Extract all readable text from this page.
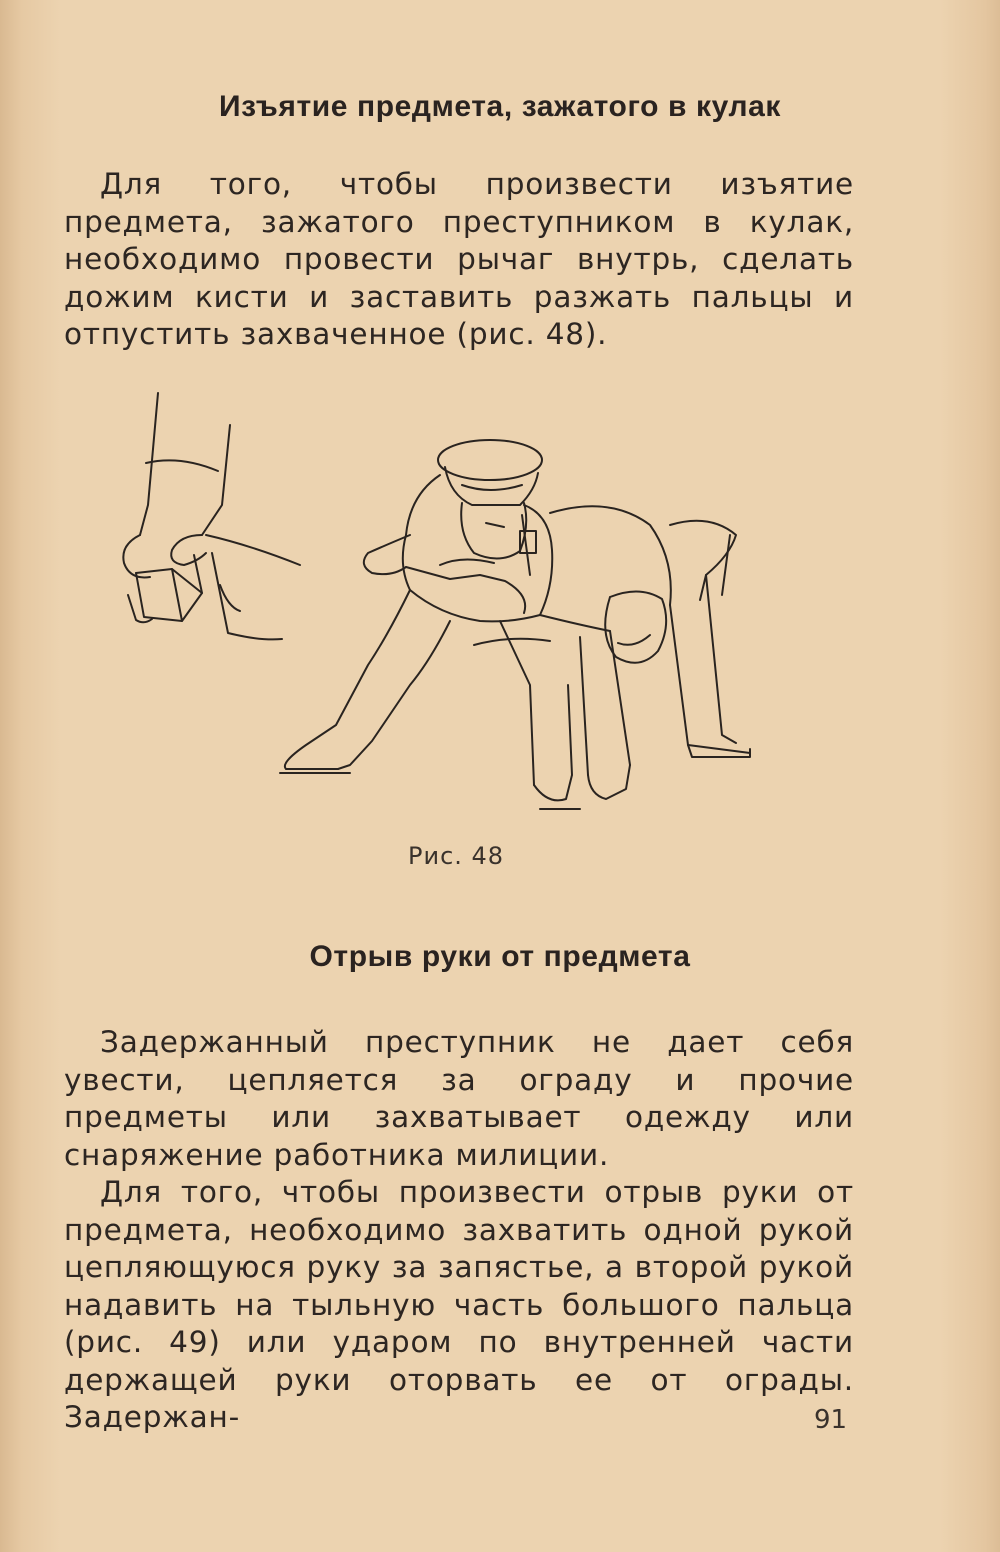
Изъятие предмета, зажатого в кулак

Для того, чтобы произвести изъятие предмета, зажатого преступником в кулак, необходимо провести рычаг внутрь, сделать дожим кисти и заставить разжать пальцы и отпустить захваченное (рис. 48).

Рис. 48

Отрыв руки от предмета

Задержанный преступник не дает себя увести, цепляется за ограду и прочие предметы или захватывает одежду или снаряжение работника милиции.

Для того, чтобы произвести отрыв руки от предмета, необходимо захватить одной рукой цепляющуюся руку за запястье, а второй рукой надавить на тыльную часть большого пальца (рис. 49) или ударом по внутренней части держащей руки оторвать ее от ограды. Задержан-	91
